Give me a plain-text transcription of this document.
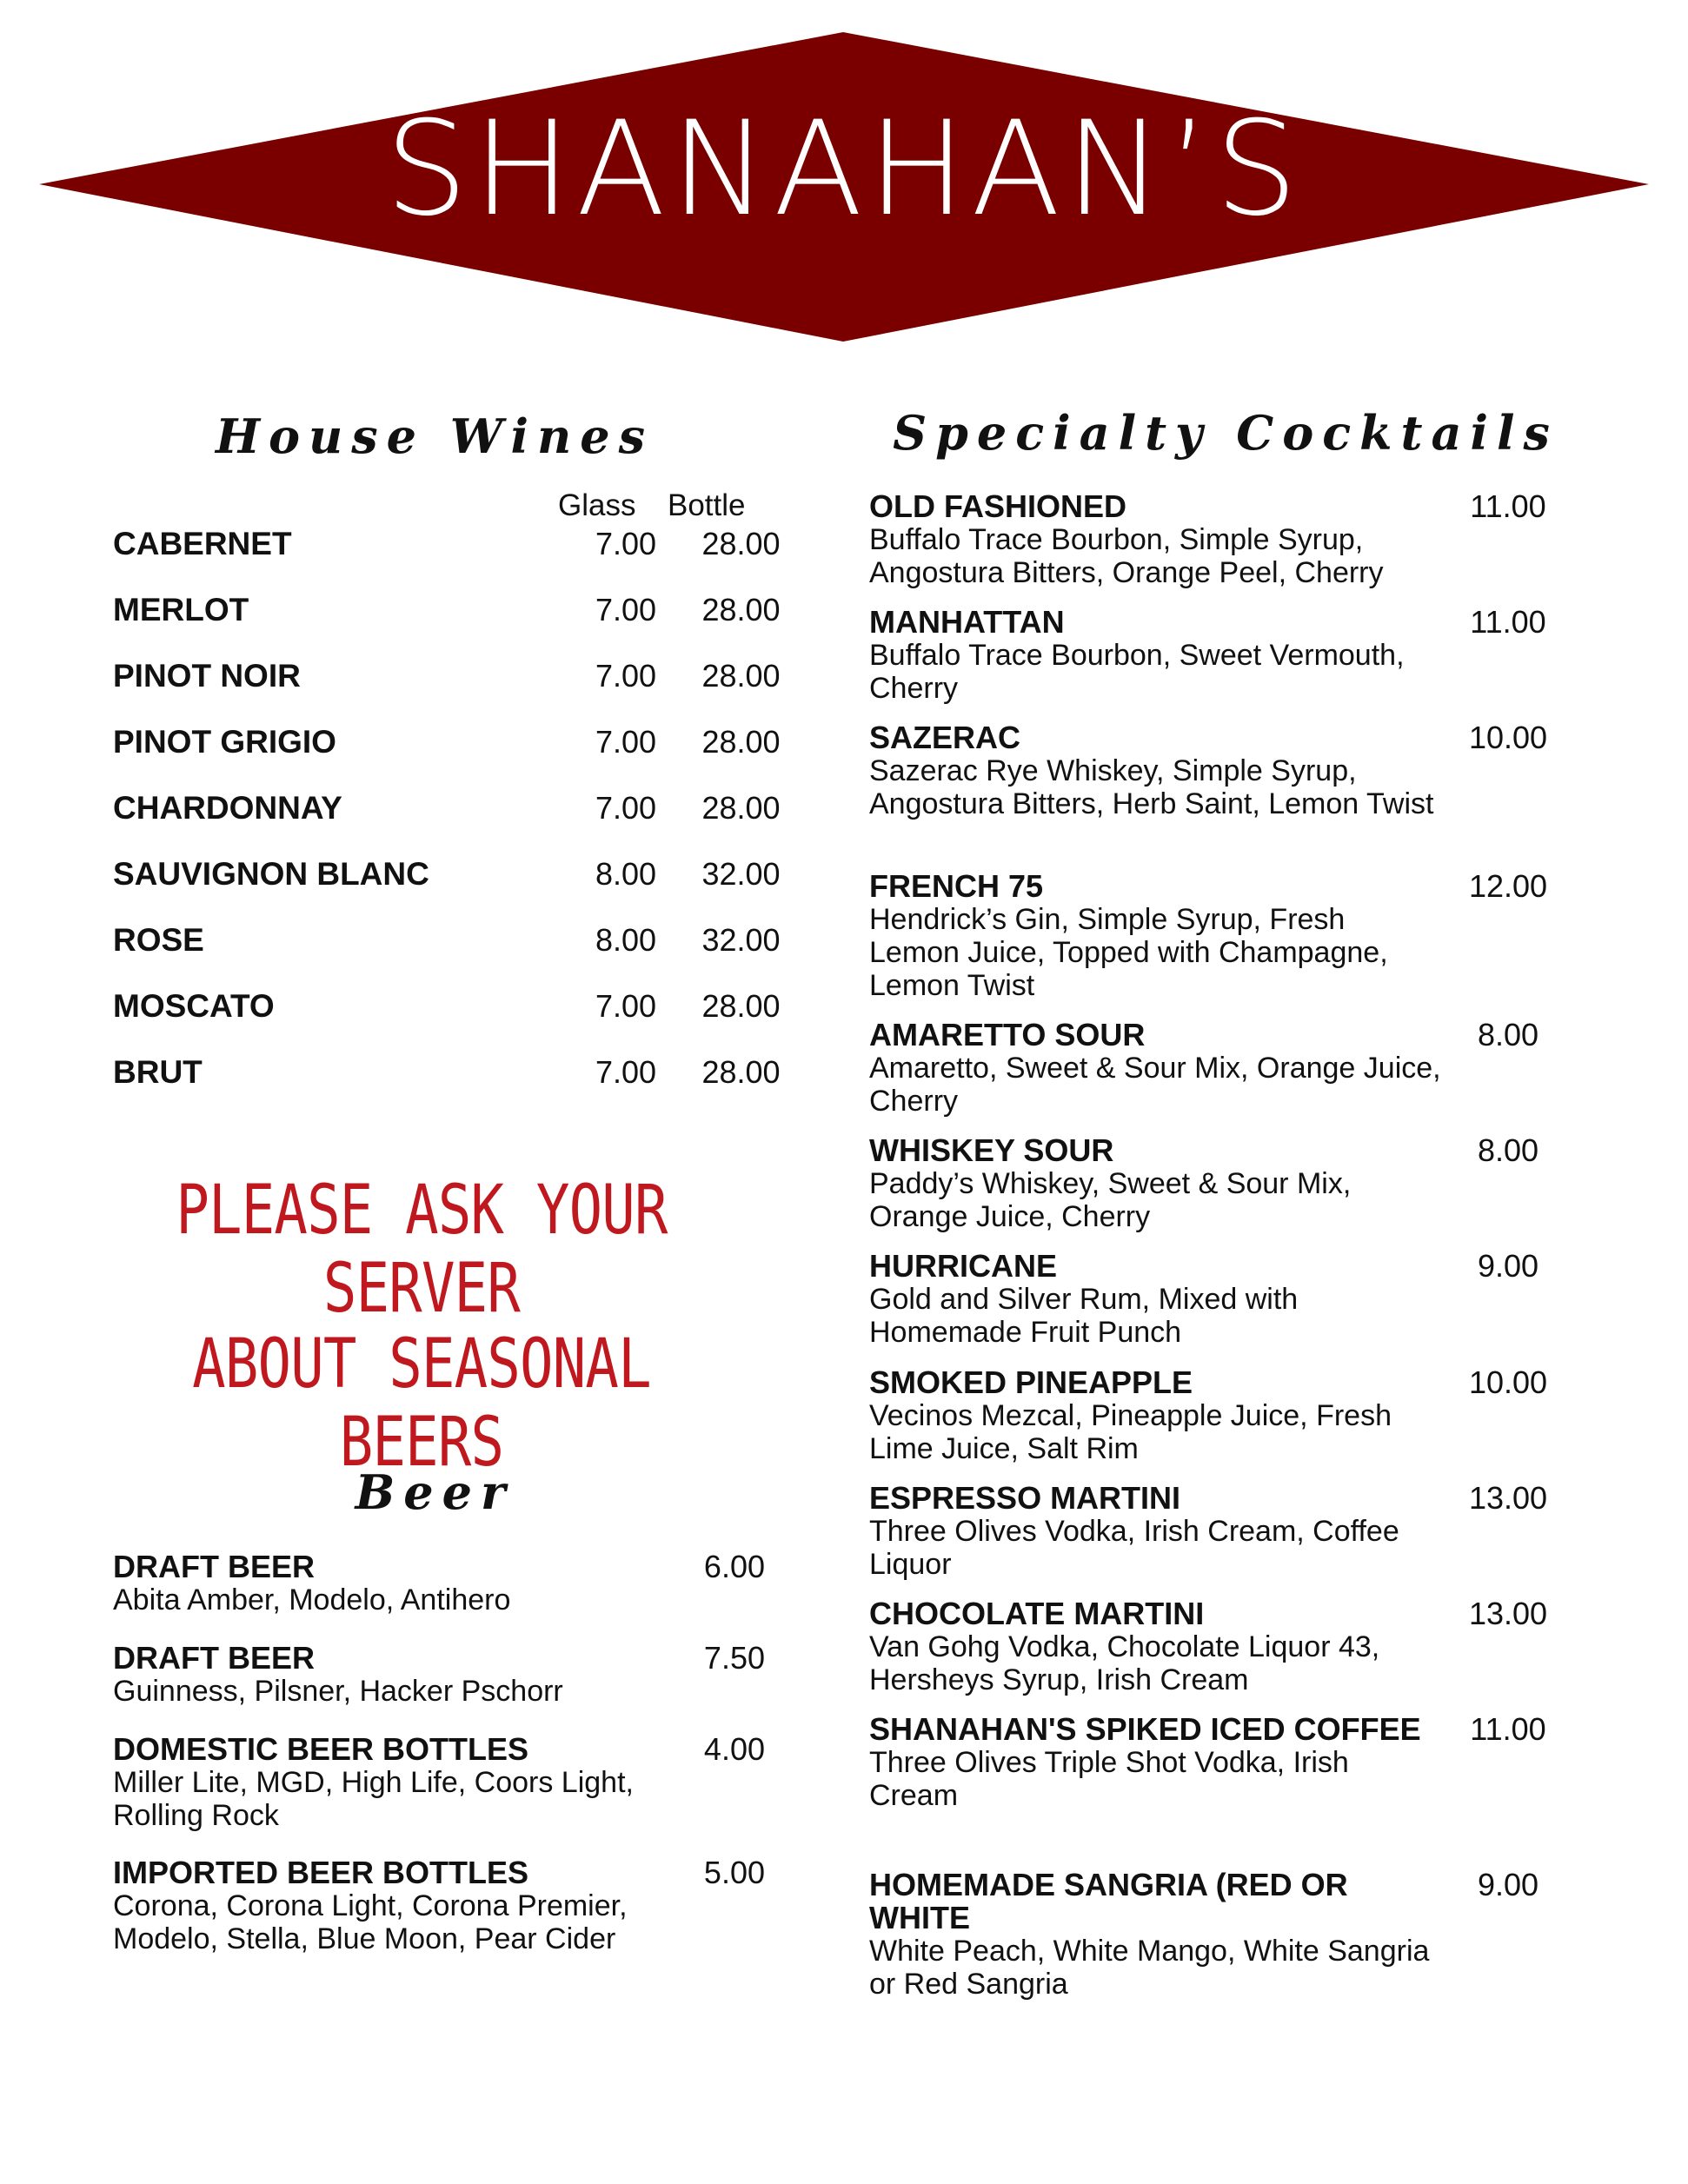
SHANAHAN’S
House Wines
Glass Bottle
CABERNET	7.00	28.00
MERLOT	7.00	28.00
PINOT NOIR	7.00	28.00
PINOT GRIGIO	7.00	28.00
CHARDONNAY	7.00	28.00
SAUVIGNON BLANC	8.00	32.00
ROSE	8.00	32.00
MOSCATO	7.00	28.00
BRUT	7.00	28.00
PLEASE ASK YOUR SERVER
ABOUT SEASONAL BEERS
Beer
DRAFT BEER
Abita Amber, Modelo, Antihero
6.00
DRAFT BEER
Guinness, Pilsner, Hacker Pschorr
7.50
DOMESTIC BEER BOTTLES
Miller Lite, MGD, High Life, Coors Light, Rolling Rock
4.00
IMPORTED BEER BOTTLES
Corona, Corona Light, Corona Premier, Modelo, Stella, Blue Moon, Pear Cider
5.00
Specialty Cocktails
OLD FASHIONED
Buffalo Trace Bourbon, Simple Syrup, Angostura Bitters, Orange Peel, Cherry
11.00
MANHATTAN
Buffalo Trace Bourbon, Sweet Vermouth, Cherry
11.00
SAZERAC
Sazerac Rye Whiskey, Simple Syrup, Angostura Bitters, Herb Saint, Lemon Twist
10.00
FRENCH 75
Hendrick’s Gin, Simple Syrup, Fresh Lemon Juice, Topped with Champagne, Lemon Twist
12.00
AMARETTO SOUR
Amaretto, Sweet & Sour Mix, Orange Juice, Cherry
8.00
WHISKEY SOUR
Paddy’s Whiskey, Sweet & Sour Mix, Orange Juice, Cherry
8.00
HURRICANE
Gold and Silver Rum, Mixed with Homemade Fruit Punch
9.00
SMOKED PINEAPPLE
Vecinos Mezcal, Pineapple Juice, Fresh Lime Juice, Salt Rim
10.00
ESPRESSO MARTINI
Three Olives Vodka, Irish Cream, Coffee Liquor
13.00
CHOCOLATE MARTINI
Van Gohg Vodka, Chocolate Liquor 43, Hersheys Syrup, Irish Cream
13.00
SHANAHAN'S SPIKED ICED COFFEE
Three Olives Triple Shot Vodka, Irish Cream
11.00
HOMEMADE SANGRIA (RED OR WHITE
White Peach, White Mango, White Sangria or Red Sangria
9.00
